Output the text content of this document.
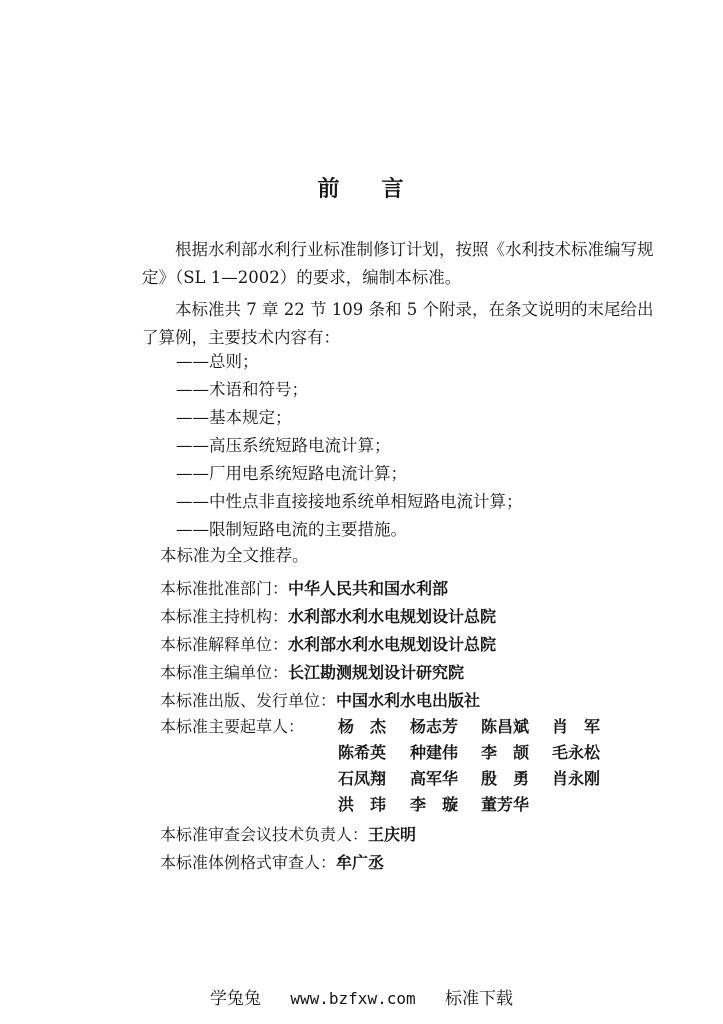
前 言

根据水利部水利行业标准制修订计划，按照《水利技术标准编写规定》（SL 1—2002）的要求，编制本标准。

本标准共 7 章 22 节 109 条和 5 个附录，在条文说明的末尾给出了算例，主要技术内容有：

——总则；
——术语和符号；
——基本规定；
——高压系统短路电流计算；
——厂用电系统短路电流计算；
——中性点非直接接地系统单相短路电流计算；
——限制短路电流的主要措施。
本标准为全文推荐。
本标准批准部门：中华人民共和国水利部
本标准主持机构：水利部水利水电规划设计总院
本标准解释单位：水利部水利水电规划设计总院
本标准主编单位：长江勘测规划设计研究院
本标准出版、发行单位：中国水利水电出版社
本标准主要起草人： 杨　杰 杨志芳 陈昌斌 肖　军
陈希英 种建伟 李　颉 毛永松
石凤翔 高军华 殷　勇 肖永刚
洪　玮 李　璇 董芳华
本标准审查会议技术负责人：王庆明
本标准体例格式审查人：牟广丞
学兔兔 www.bzfxw.com 标准下载
